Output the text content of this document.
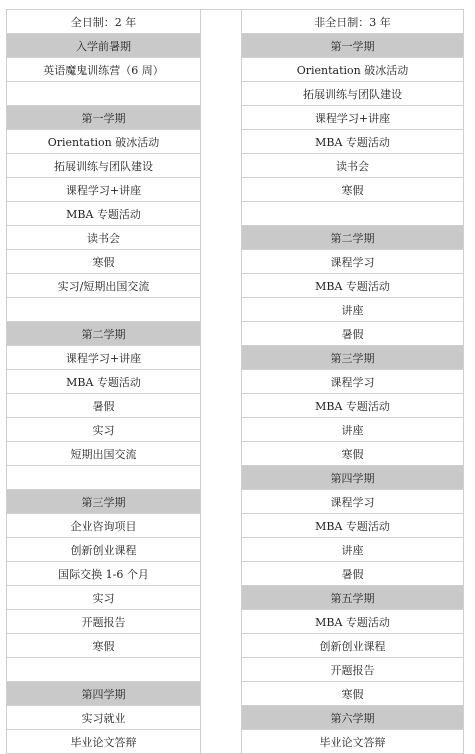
全日制：2 年		非全日制：3 年
入学前暑期		第一学期
英语魔鬼训练营（6 周）		Orientation 破冰活动
		拓展训练与团队建设
第一学期		课程学习+讲座
Orientation 破冰活动		MBA 专题活动
拓展训练与团队建设		读书会
课程学习+讲座		寒假
MBA 专题活动		
读书会		第二学期
寒假		课程学习
实习/短期出国交流		MBA 专题活动
		讲座
第二学期		暑假
课程学习+讲座		第三学期
MBA 专题活动		课程学习
暑假		MBA 专题活动
实习		讲座
短期出国交流		寒假
		第四学期
第三学期		课程学习
企业咨询项目		MBA 专题活动
创新创业课程		讲座
国际交换 1-6 个月		暑假
实习		第五学期
开题报告		MBA 专题活动
寒假		创新创业课程
		开题报告
第四学期		寒假
实习就业		第六学期
毕业论文答辩		毕业论文答辩
